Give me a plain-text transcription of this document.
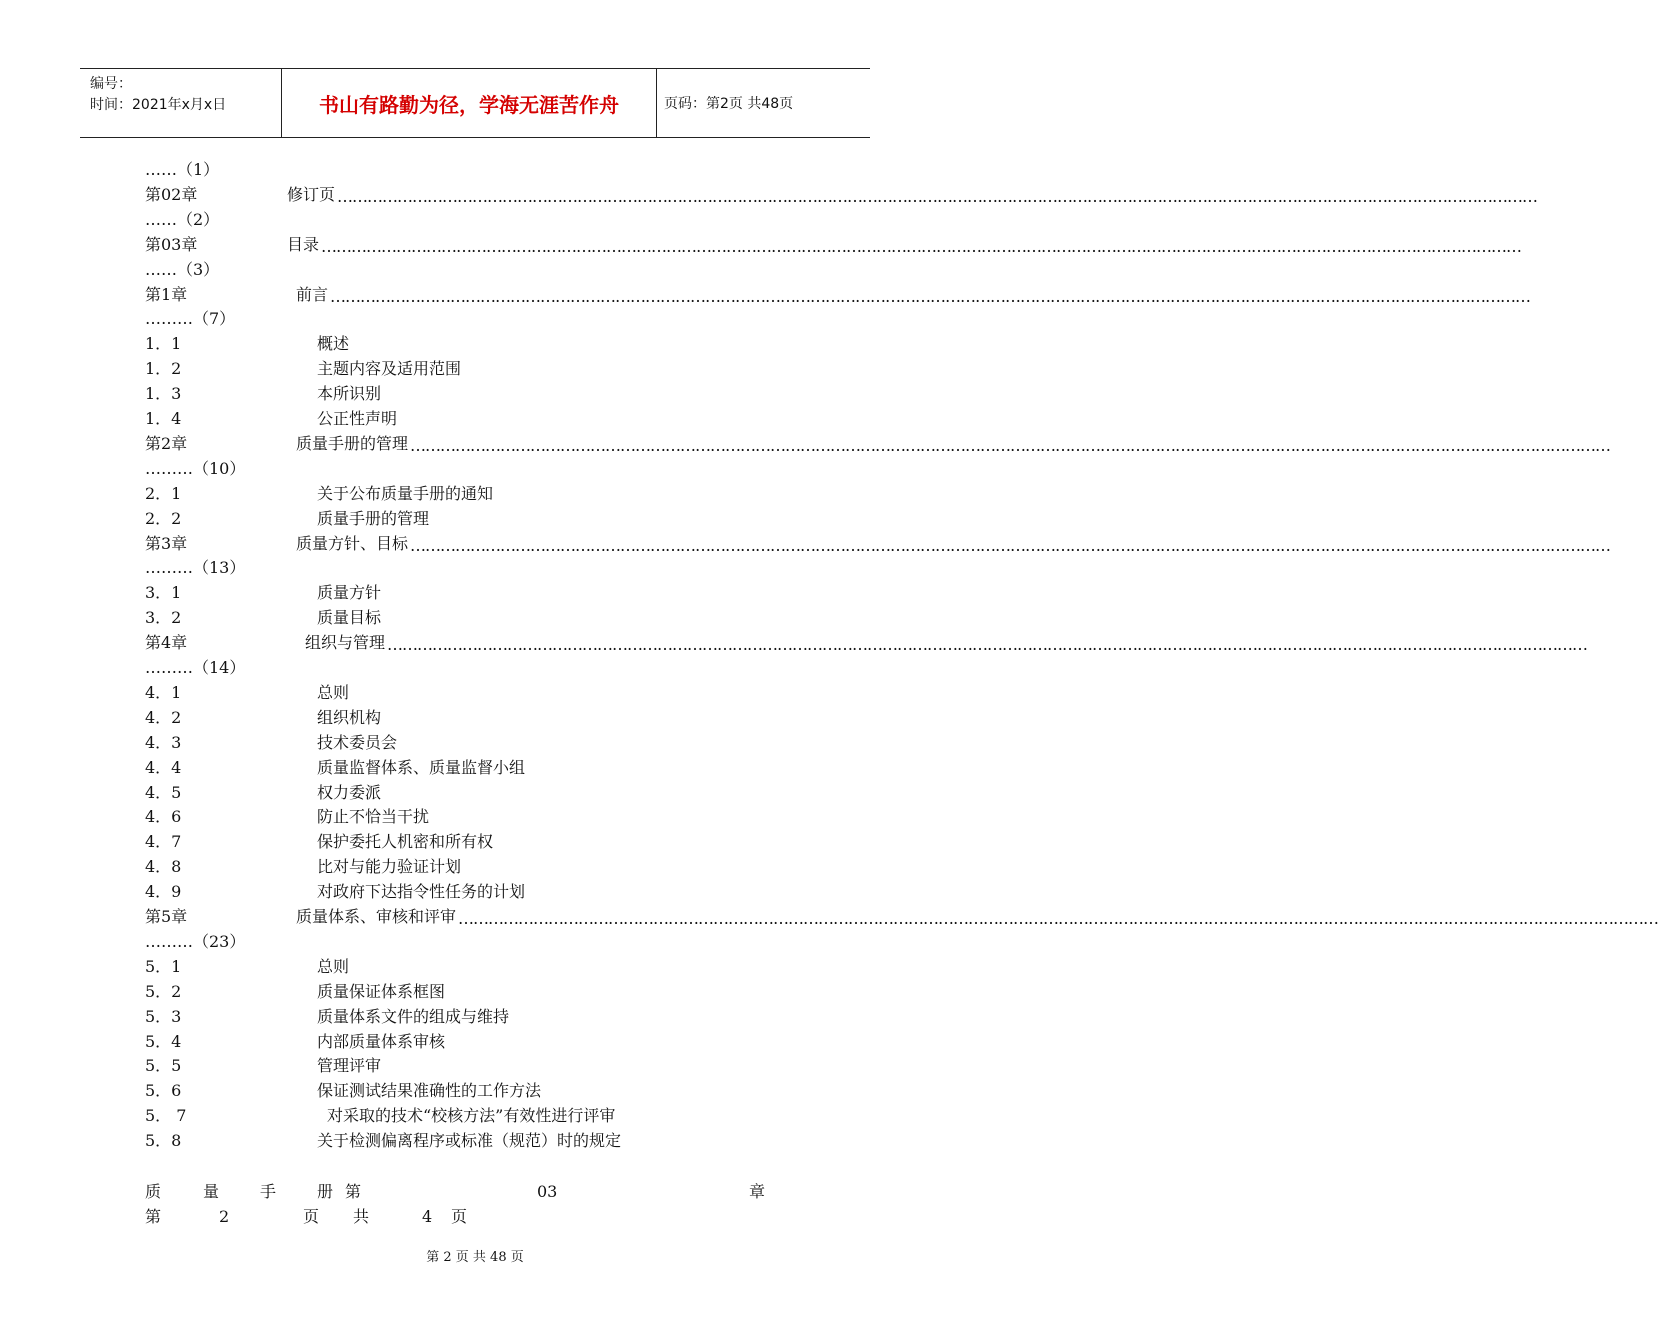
编号：
时间：2021年x月x日	书山有路勤为径，学海无涯苦作舟	页码：第2页 共48页
……（1）
第02章	修订页 ……………………………………………………………………………………………………………………………………………………………………………………………………………………
……（2）
第03章	目录 ……………………………………………………………………………………………………………………………………………………………………………………………………………………
……（3）
第1章	前言 ……………………………………………………………………………………………………………………………………………………………………………………………………………………
………（7）
1．1	概述
1．2	主题内容及适用范围
1．3	本所识别
1．4	公正性声明
第2章	质量手册的管理 ……………………………………………………………………………………………………………………………………………………………………………………………………………………
………（10）
2．1	关于公布质量手册的通知
2．2	质量手册的管理
第3章	质量方针、目标 ……………………………………………………………………………………………………………………………………………………………………………………………………………………
………（13）
3．1	质量方针
3．2	质量目标
第4章	组织与管理 ……………………………………………………………………………………………………………………………………………………………………………………………………………………
………（14）
4．1	总则
4．2	组织机构
4．3	技术委员会
4．4	质量监督体系、质量监督小组
4．5	权力委派
4．6	防止不恰当干扰
4．7	保护委托人机密和所有权
4．8	比对与能力验证计划
4．9	对政府下达指令性任务的计划
第5章	质量体系、审核和评审 ……………………………………………………………………………………………………………………………………………………………………………………………………………………
………（23）
5．1	总则
5．2	质量保证体系框图
5．3	质量体系文件的组成与维持
5．4	内部质量体系审核
5．5	管理评审
5．6	保证测试结果准确性的工作方法
5． 7	对采取的技术“校核方法”有效性进行评审
5．8	关于检测偏离程序或标准（规范）时的规定
质	量	手	册 第	03	章
第	2	页 共	4 页
第 2 页 共 48 页
